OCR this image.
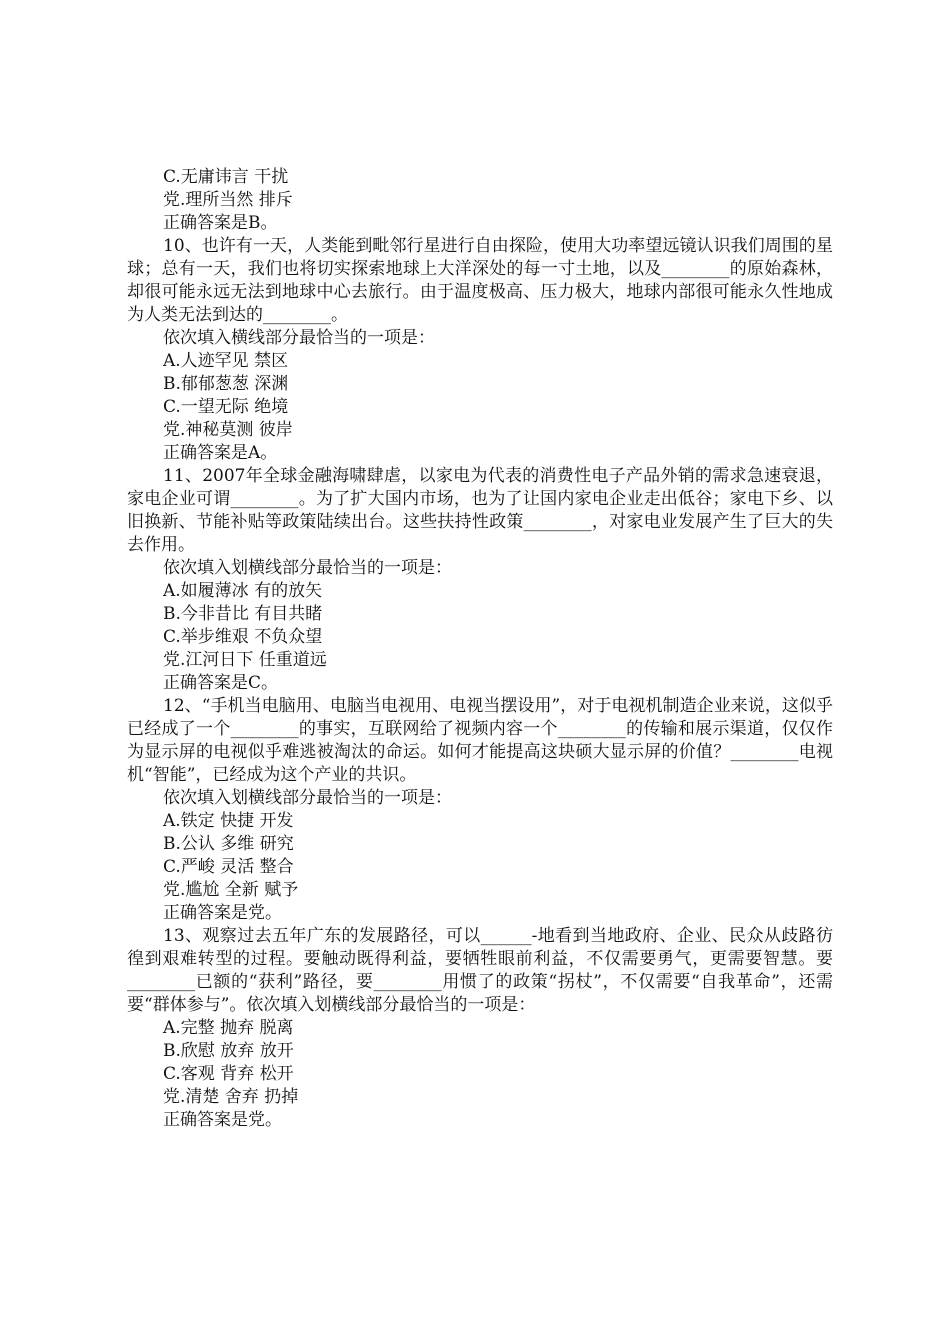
C.无庸讳言 干扰
党.理所当然 排斥
正确答案是B。
10、也许有一天，人类能到毗邻行星进行自由探险，使用大功率望远镜认识我们周围的星球；总有一天，我们也将切实探索地球上大洋深处的每一寸土地，以及________的原始森林，却很可能永远无法到地球中心去旅行。由于温度极高、压力极大，地球内部很可能永久性地成为人类无法到达的________。
依次填入横线部分最恰当的一项是：
A.人迹罕见 禁区
B.郁郁葱葱 深渊
C.一望无际 绝境
党.神秘莫测 彼岸
正确答案是A。
11、2007年全球金融海啸肆虐，以家电为代表的消费性电子产品外销的需求急速衰退，家电企业可谓________。为了扩大国内市场，也为了让国内家电企业走出低谷；家电下乡、以旧换新、节能补贴等政策陆续出台。这些扶持性政策________，对家电业发展产生了巨大的失去作用。
依次填入划横线部分最恰当的一项是：
A.如履薄冰 有的放矢
B.今非昔比 有目共睹
C.举步维艰 不负众望
党.江河日下 任重道远
正确答案是C。
12、“手机当电脑用、电脑当电视用、电视当摆设用”，对于电视机制造企业来说，这似乎已经成了一个________的事实，互联网给了视频内容一个________的传输和展示渠道，仅仅作为显示屏的电视似乎难逃被淘汰的命运。如何才能提高这块硕大显示屏的价值？________电视机“智能”，已经成为这个产业的共识。
依次填入划横线部分最恰当的一项是：
A.铁定 快捷 开发
B.公认 多维 研究
C.严峻 灵活 整合
党.尴尬 全新 赋予
正确答案是党。
13、观察过去五年广东的发展路径，可以______-地看到当地政府、企业、民众从歧路彷徨到艰难转型的过程。要触动既得利益，要牺牲眼前利益，不仅需要勇气，更需要智慧。要________已额的“获利”路径，要________用惯了的政策“拐杖”，不仅需要“自我革命”，还需要“群体参与”。依次填入划横线部分最恰当的一项是：
A.完整 抛弃 脱离
B.欣慰 放弃 放开
C.客观 背弃 松开
党.清楚 舍弃 扔掉
正确答案是党。
